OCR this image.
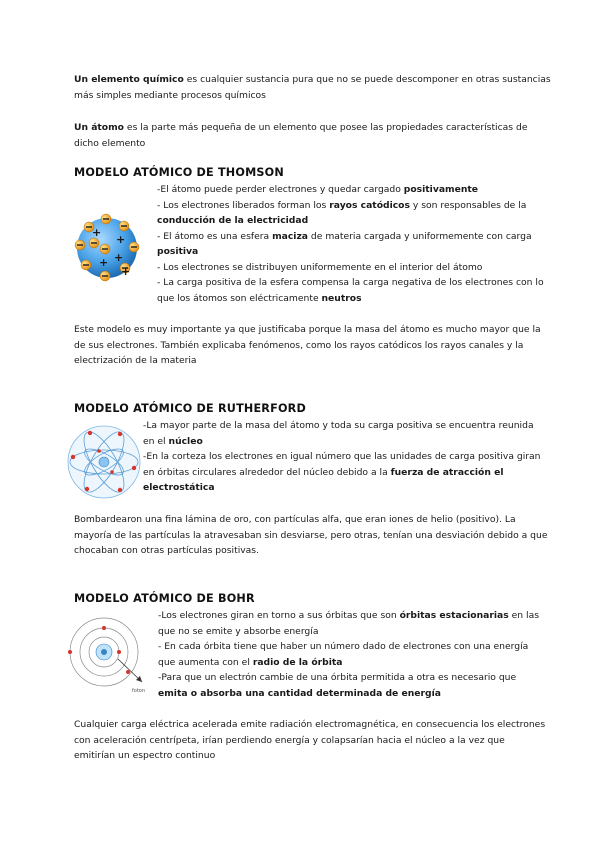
Un elemento químico es cualquier sustancia pura que no se puede descomponer en otras sustancias
más simples mediante procesos químicos

Un átomo es la parte más pequeña de un elemento que posee las propiedades características de
dicho elemento

MODELO ATÓMICO DE THOMSON
+
+
+
+
+
-El átomo puede perder electrones y quedar cargado positivamente
- Los electrones liberados forman los rayos catódicos y son responsables de la
conducción de la electricidad
- El átomo es una esfera maciza de materia cargada y uniformemente con carga
positiva
- Los electrones se distribuyen uniformemente en el interior del átomo
- La carga positiva de la esfera compensa la carga negativa de los electrones con lo
que los átomos son eléctricamente neutros

Este modelo es muy importante ya que justificaba porque la masa del átomo es mucho mayor que la
de sus electrones. También explicaba fenómenos, como los rayos catódicos los rayos canales y la
electrización de la materia

MODELO ATÓMICO DE RUTHERFORD
-La mayor parte de la masa del átomo y toda su carga positiva se encuentra reunida
en el núcleo
-En la corteza los electrones en igual número que las unidades de carga positiva giran
en órbitas circulares alrededor del núcleo debido a la fuerza de atracción el
electrostática

Bombardearon una fina lámina de oro, con partículas alfa, que eran iones de helio (positivo). La
mayoría de las partículas la atravesaban sin desviarse, pero otras, tenían una desviación debido a que
chocaban con otras partículas positivas.

MODELO ATÓMICO DE BOHR
foton
-Los electrones giran en torno a sus órbitas que son órbitas estacionarias en las
que no se emite y absorbe energía
- En cada órbita tiene que haber un número dado de electrones con una energía
que aumenta con el radio de la órbita
-Para que un electrón cambie de una órbita permitida a otra es necesario que
emita o absorba una cantidad determinada de energía

Cualquier carga eléctrica acelerada emite radiación electromagnética, en consecuencia los electrones
con aceleración centrípeta, irían perdiendo energía y colapsarían hacia el núcleo a la vez que
emitirían un espectro continuo
